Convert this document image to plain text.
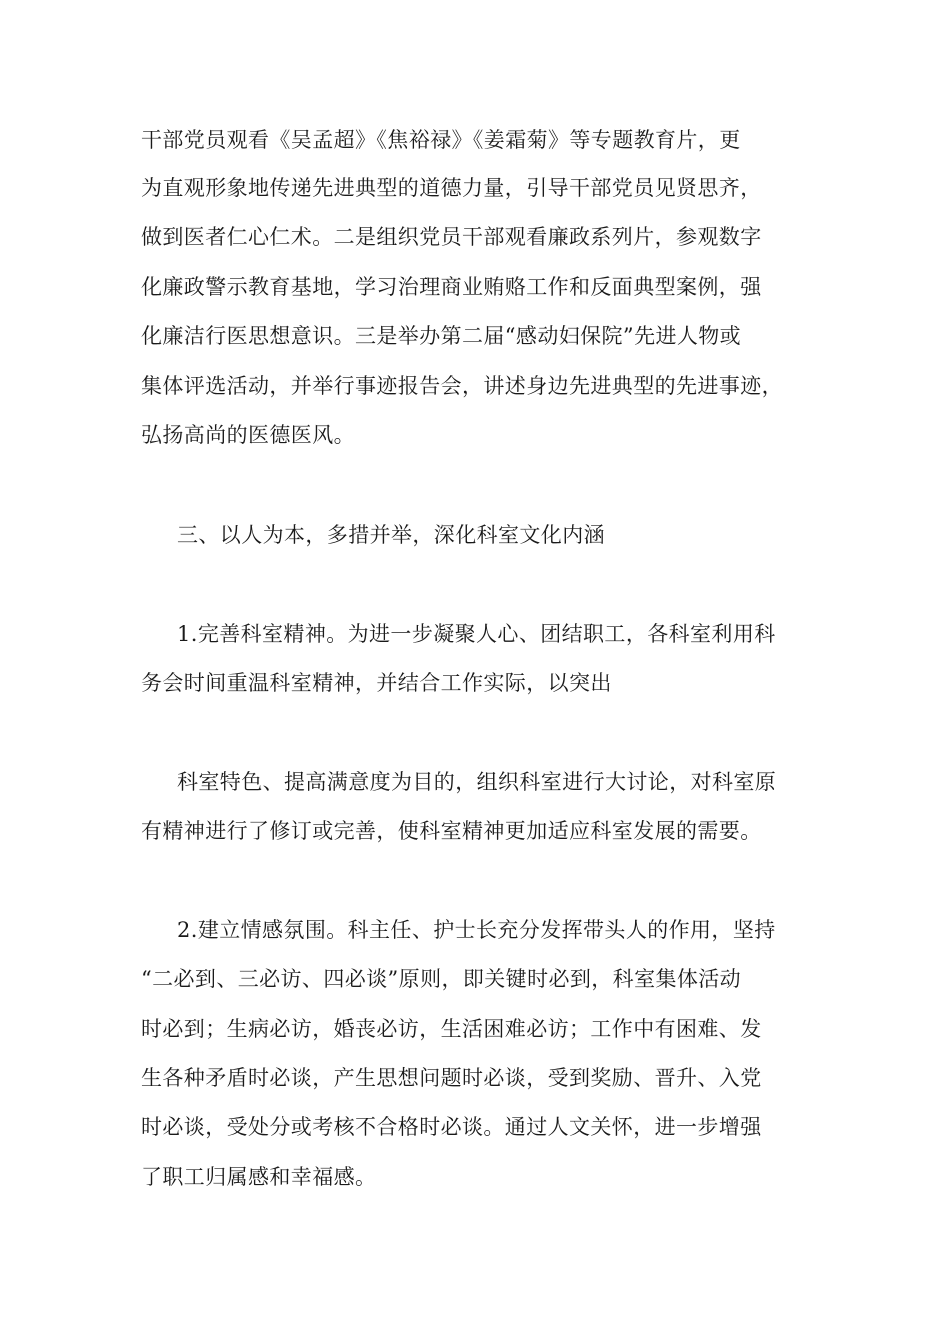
干部党员观看《吴孟超》《焦裕禄》《姜霜菊》等专题教育片，更
为直观形象地传递先进典型的道德力量，引导干部党员见贤思齐，
做到医者仁心仁术。二是组织党员干部观看廉政系列片，参观数字
化廉政警示教育基地，学习治理商业贿赂工作和反面典型案例，强
化廉洁行医思想意识。三是举办第二届“感动妇保院”先进人物或
集体评选活动，并举行事迹报告会，讲述身边先进典型的先进事迹，
弘扬高尚的医德医风。
三、以人为本，多措并举，深化科室文化内涵
1.完善科室精神。为进一步凝聚人心、团结职工，各科室利用科
务会时间重温科室精神，并结合工作实际，以突出
科室特色、提高满意度为目的，组织科室进行大讨论，对科室原
有精神进行了修订或完善，使科室精神更加适应科室发展的需要。
2.建立情感氛围。科主任、护士长充分发挥带头人的作用，坚持
“二必到、三必访、四必谈”原则，即关键时必到，科室集体活动
时必到；生病必访，婚丧必访，生活困难必访；工作中有困难、发
生各种矛盾时必谈，产生思想问题时必谈，受到奖励、晋升、入党
时必谈，受处分或考核不合格时必谈。通过人文关怀，进一步增强
了职工归属感和幸福感。
